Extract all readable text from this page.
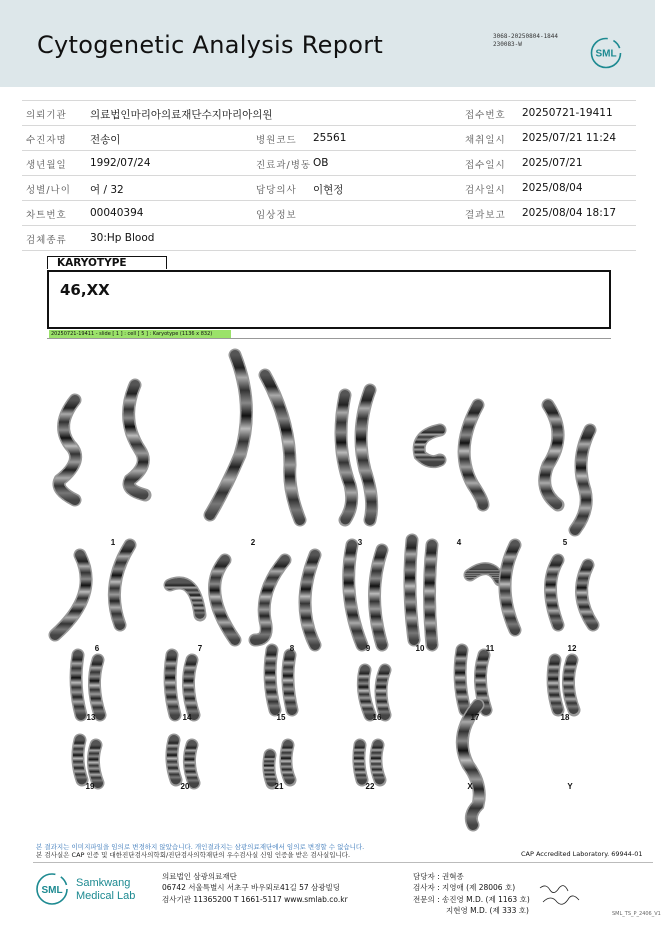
Cytogenetic Analysis Report	3068-20250804-1844
230083-W
SML
의뢰기관 의료법인마리아의료재단수지마리아의원	접수번호 20250721-19411
수진자명 전송이	병원코드 25561	채취일시 2025/07/21 11:24
생년월일 1992/07/24	진료과/병동 OB	접수일시 2025/07/21
성별/나이 여 / 32	담당의사 이현정	검사일시 2025/08/04
차트번호 00040394	임상정보	결과보고 2025/08/04 18:17
검체종류 30:Hp Blood
KARYOTYPE
46,XX
20250721-19411 - slide [ 1 ] : cell [ 5 ] : Karyotype (1136 x 832)
1	2	3	4	5
6	7	8	9	10	11	12
13	14	15	16	17	18
19	20	21	22	X	Y
본 결과지는 이미지파일을 임의로 변경하지 않았습니다. 개인결과지는 삼광의료재단에서 임의로 변경할 수 없습니다.
본 검사실은 CAP 인증 및 대한진단검사의학회/진단검사의학재단의 우수검사실 신임 인증을 받은 검사실입니다.	CAP Accredited Laboratory. 69944-01
SML
Samkwang
Medical Lab
의료법인 삼광의료재단
06742 서울특별시 서초구 바우뫼로41길 57 삼광빌딩
검사기관 11365200 T 1661-5117 www.smlab.co.kr
담당자 : 권혁종
검사자 : 지영애 (제 28006 호)
전문의 : 송진영 M.D. (제 1163 호)
지현영 M.D. (제 333 호)	SML_TS_P_2406_V1
